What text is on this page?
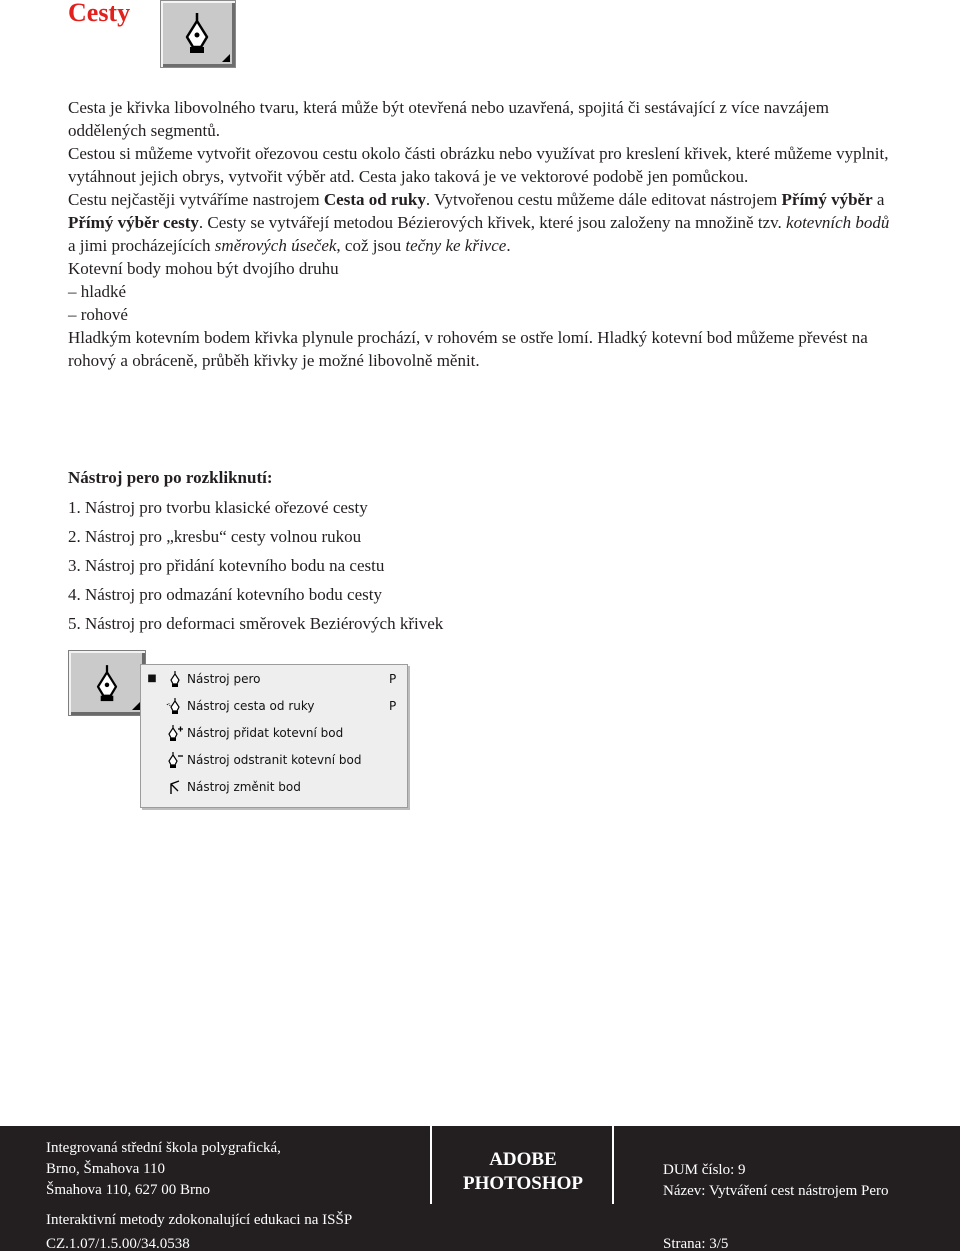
Cesty

Cesta je křivka libovolného tvaru, která může být otevřená nebo uzavřená, spojitá či sestávající z více navzájem oddělených segmentů.

Cestou si můžeme vytvořit ořezovou cestu okolo části obrázku nebo využívat pro kreslení křivek, které můžeme vyplnit, vytáhnout jejich obrys, vytvořit výběr atd. Cesta jako taková je ve vektorové podobě jen pomůckou.

Cestu nejčastěji vytváříme nastrojem Cesta od ruky. Vytvořenou cestu můžeme dále editovat nástrojem Přímý výběr a Přímý výběr cesty. Cesty se vytvářejí metodou Bézierových křivek, které jsou založeny na množině tzv. kotevních bodů a jimi procházejících směrových úseček, což jsou tečny ke křivce.

Kotevní body mohou být dvojího druhu

– hladké

– rohové

Hladkým kotevním bodem křivka plynule prochází, v rohovém se ostře lomí. Hladký kotevní bod můžeme převést na rohový a obráceně, průběh křivky je možné libovolně měnit.

Nástroj pero po rozkliknutí:
1. Nástroj pro tvorbu klasické ořezové cesty
2. Nástroj pro „kresbu“ cesty volnou rukou
3. Nástroj pro přidání kotevního bodu na cestu
4. Nástroj pro odmazání kotevního bodu cesty
5. Nástroj pro deformaci směrovek Beziérových křivek
■	Nástroj pero	P
Nástroj cesta od ruky	P
Nástroj přidat kotevní bod
Nástroj odstranit kotevní bod
Nástroj změnit bod
Integrovaná střední škola polygrafická,
Brno, Šmahova 110
Šmahova 110, 627 00 Brno
ADOBE
PHOTOSHOP
DUM číslo: 9
Název: Vytváření cest nástrojem Pero
Interaktivní metody zdokonalující edukaci na ISŠP
CZ.1.07/1.5.00/34.0538	Strana: 3/5
